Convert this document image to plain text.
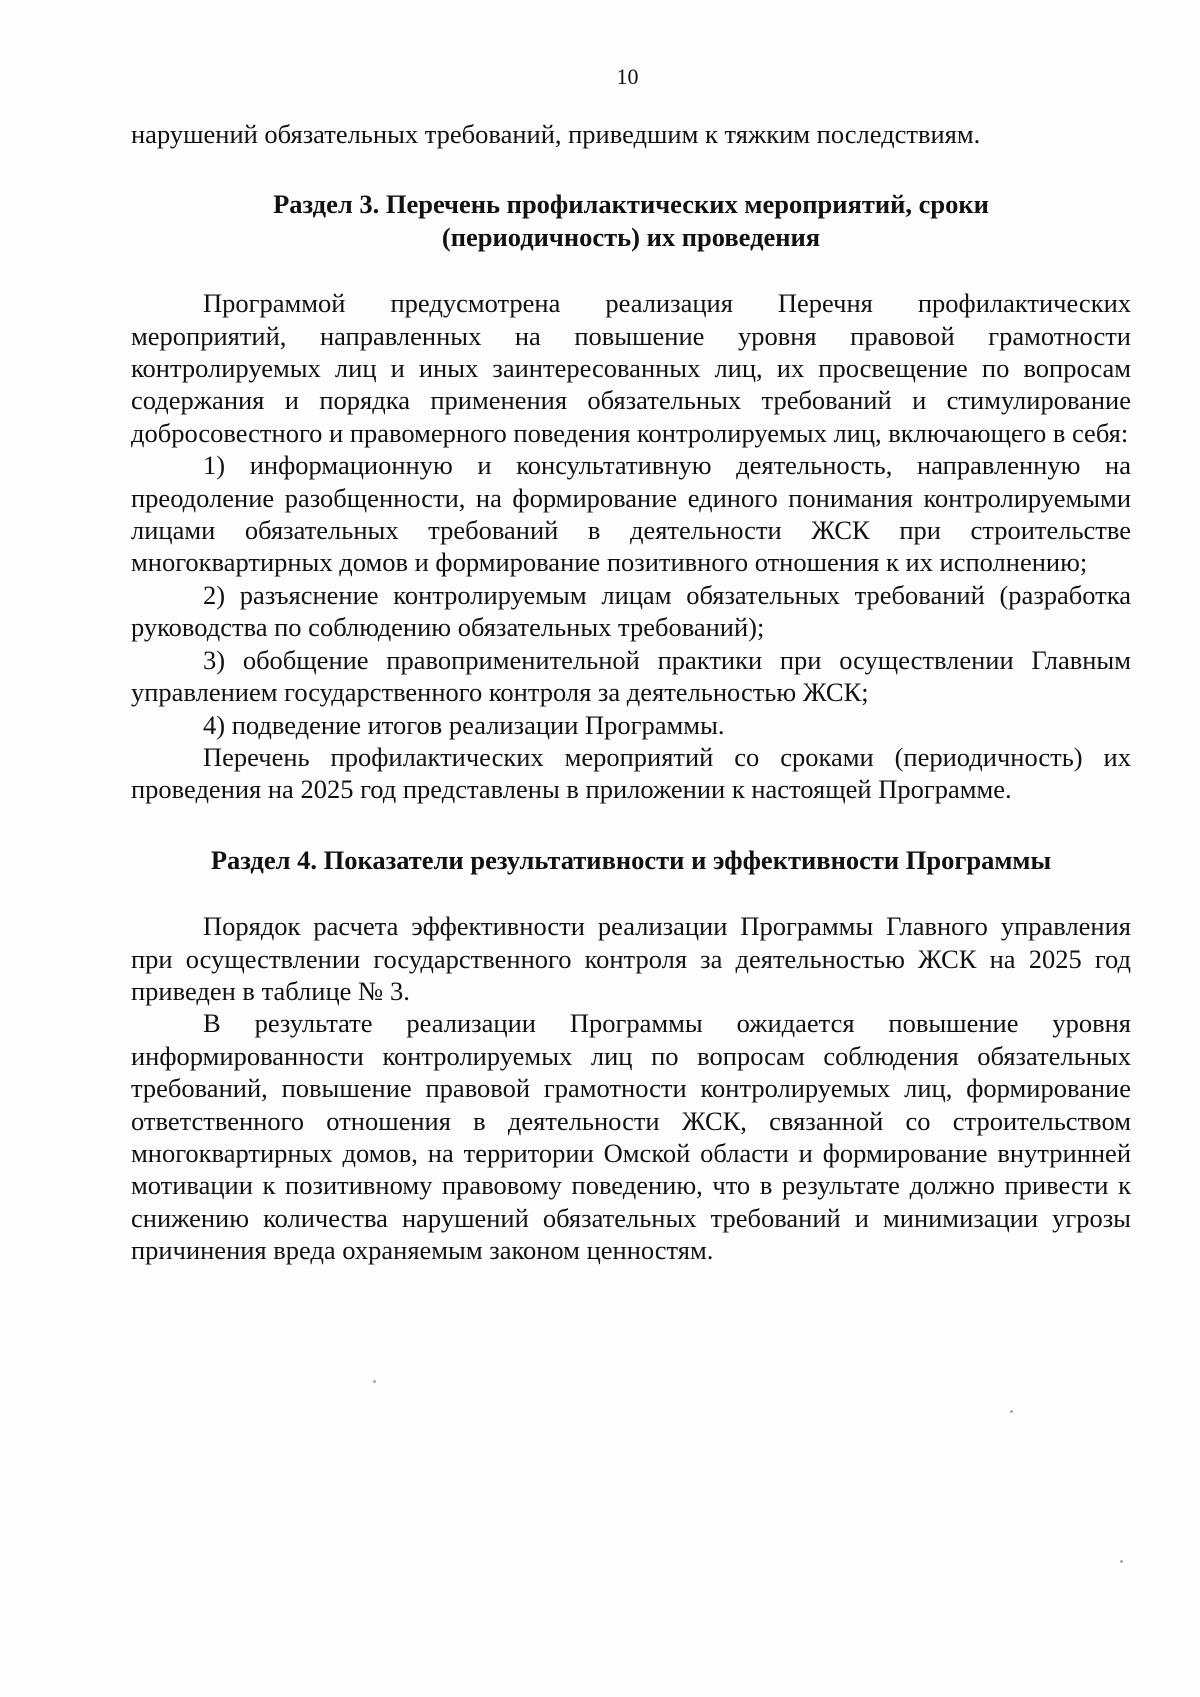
10

нарушений обязательных требований, приведшим к тяжким последствиям.

Раздел 3. Перечень профилактических мероприятий, сроки (периодичность) их проведения

Программой предусмотрена реализация Перечня профилактических мероприятий, направленных на повышение уровня правовой грамотности контролируемых лиц и иных заинтересованных лиц, их просвещение по вопросам содержания и порядка применения обязательных требований и стимулирование добросовестного и правомерного поведения контролируемых лиц, включающего в себя:

1) информационную и консультативную деятельность, направленную на преодоление разобщенности, на формирование единого понимания контролируемыми лицами обязательных требований в деятельности ЖСК при строительстве многоквартирных домов и формирование позитивного отношения к их исполнению;

2) разъяснение контролируемым лицам обязательных требований (разработка руководства по соблюдению обязательных требований);

3) обобщение правоприменительной практики при осуществлении Главным управлением государственного контроля за деятельностью ЖСК;

4) подведение итогов реализации Программы.

Перечень профилактических мероприятий со сроками (периодичность) их проведения на 2025 год представлены в приложении к настоящей Программе.

Раздел 4. Показатели результативности и эффективности Программы

Порядок расчета эффективности реализации Программы Главного управления при осуществлении государственного контроля за деятельностью ЖСК на 2025 год приведен в таблице № 3.

В результате реализации Программы ожидается повышение уровня информированности контролируемых лиц по вопросам соблюдения обязательных требований, повышение правовой грамотности контролируемых лиц, формирование ответственного отношения в деятельности ЖСК, связанной со строительством многоквартирных домов, на территории Омской области и формирование внутринней мотивации к позитивному правовому поведению, что в результате должно привести к снижению количества нарушений обязательных требований и минимизации угрозы причинения вреда охраняемым законом ценностям.
